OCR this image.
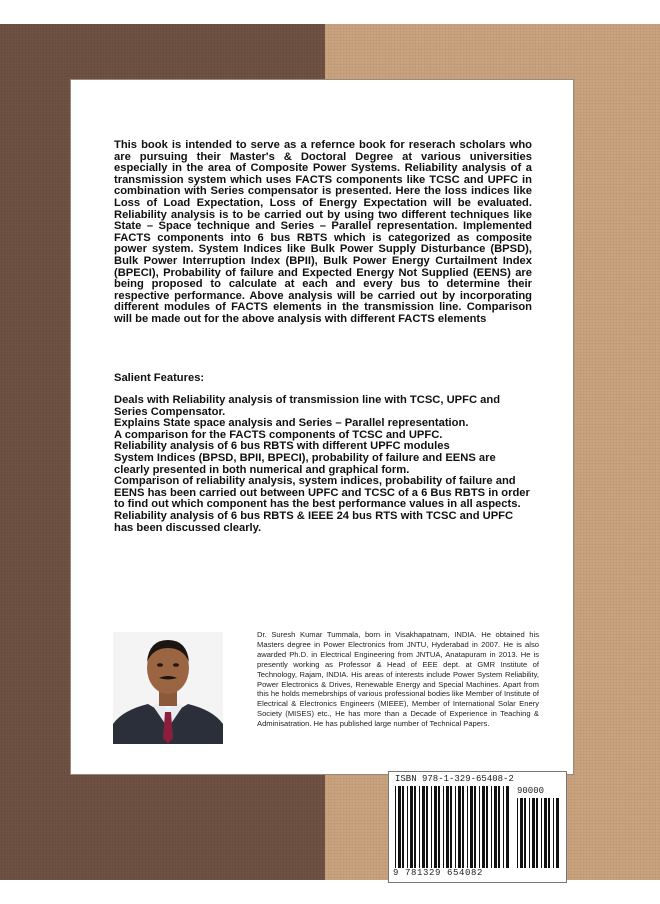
This book is intended to serve as a refernce book for reserach scholars who are pursuing their Master's & Doctoral Degree at various universities especially in the area of Composite Power Systems. Reliability analysis of a transmission system which uses FACTS components like TCSC and UPFC in combination with Series compensator is presented. Here the loss indices like Loss of Load Expectation, Loss of Energy Expectation will be evaluated. Reliability analysis is to be carried out by using two different techniques like State – Space technique and Series – Parallel representation. Implemented FACTS components into 6 bus RBTS which is categorized as composite power system. System Indices like Bulk Power Supply Disturbance (BPSD), Bulk Power Interruption Index (BPII), Bulk Power Energy Curtailment Index (BPECI), Probability of failure and Expected Energy Not Supplied (EENS) are being proposed to calculate at each and every bus to determine their respective performance. Above analysis will be carried out by incorporating different modules of FACTS elements in the transmission line. Comparison will be made out for the above analysis with different FACTS elements

Salient Features:

Deals with Reliability analysis of transmission line with TCSC, UPFC and Series Compensator.

Explains State space analysis and Series – Parallel representation.

A comparison for the FACTS components of TCSC and UPFC.

Reliability analysis of 6 bus RBTS with different UPFC modules

System Indices (BPSD, BPII, BPECI), probability of failure and EENS are clearly presented in both numerical and graphical form.

Comparison of reliability analysis, system indices, probability of failure and EENS has been carried out between UPFC and TCSC of a 6 Bus RBTS in order to find out which component has the best performance values in all aspects.

Reliability analysis of 6 bus RBTS & IEEE 24 bus RTS with TCSC and UPFC has been discussed clearly.

Dr. Suresh Kumar Tummala, born in Visakhapatnam, INDIA. He obtained his Masters degree in Power Electronics from JNTU, Hyderabad in 2007. He is also awarded Ph.D. in Electrical Engineering from JNTUA, Anatapuram in 2013. He is presently working as Professor & Head of EEE dept. at GMR Institute of Technology, Rajam, INDIA. His areas of interests include Power System Reliability, Power Electronics & Drives, Renewable Energy and Special Machines. Apart from this he holds memebrships of various professional bodies like Member of Institute of Electrical & Electronics Engineers (MIEEE), Member of International Solar Enery Society (MISES) etc., He has more than a Decade of Experience in Teaching & Adminisatration. He has published large number of Technical Papers.

ISBN 978-1-329-65408-2
90000
9 781329 654082
